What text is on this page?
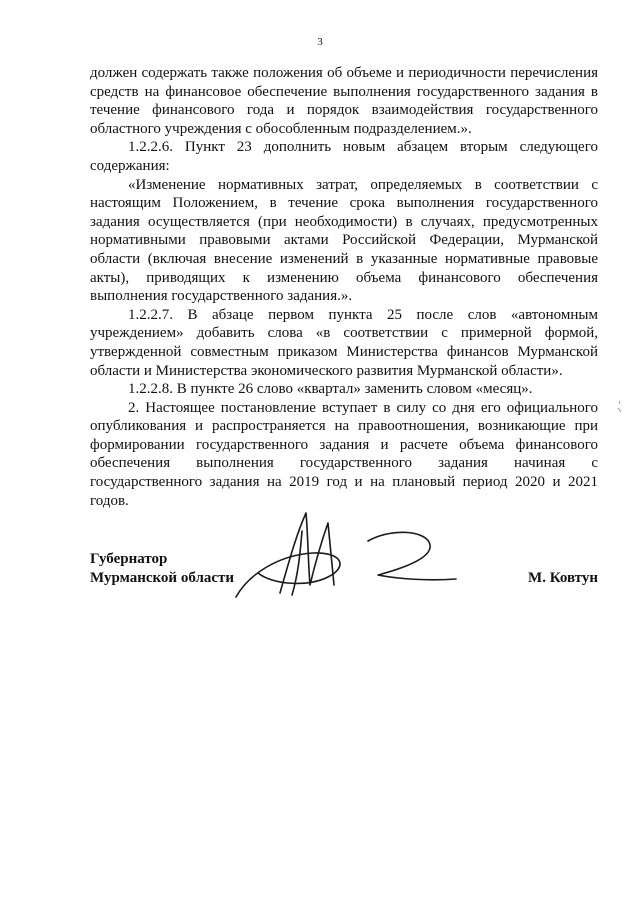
3

должен содержать также положения об объеме и периодичности перечисления средств на финансовое обеспечение выполнения государственного задания в течение финансового года и порядок взаимодействия государственного областного учреждения с обособленным подразделением.».

1.2.2.6. Пункт 23 дополнить новым абзацем вторым следующего содержания:

«Изменение нормативных затрат, определяемых в соответствии с настоящим Положением, в течение срока выполнения государственного задания осуществляется (при необходимости) в случаях, предусмотренных нормативными правовыми актами Российской Федерации, Мурманской области (включая внесение изменений в указанные нормативные правовые акты), приводящих к изменению объема финансового обеспечения выполнения государственного задания.».

1.2.2.7. В абзаце первом пункта 25 после слов «автономным учреждением» добавить слова «в соответствии с примерной формой, утвержденной совместным приказом Министерства финансов Мурманской области и Министерства экономического развития Мурманской области».

1.2.2.8. В пункте 26 слово «квартал» заменить словом «месяц».

2. Настоящее постановление вступает в силу со дня его официального опубликования и распространяется на правоотношения, возникающие при формировании государственного задания и расчете объема финансового обеспечения выполнения государственного задания начиная с государственного задания на 2019 год и на плановый период 2020 и 2021 годов.

Губернатор
Мурманской области	М. Ковтун
